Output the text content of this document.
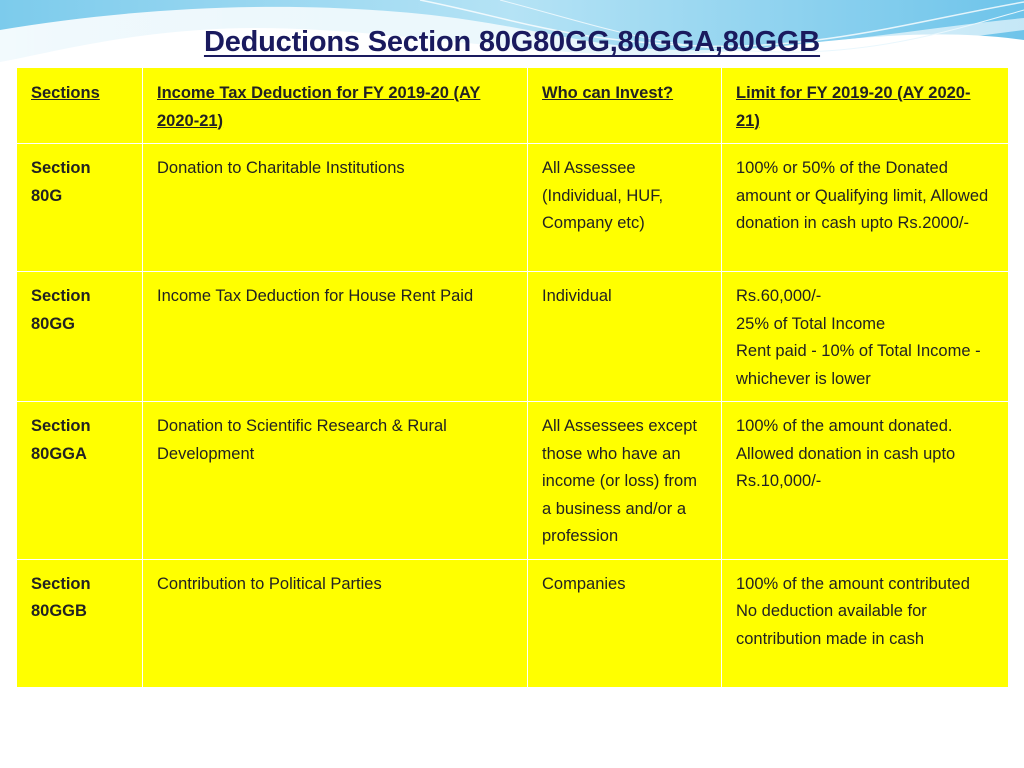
Deductions Section 80G80GG,80GGA,80GGB
Sections	Income Tax Deduction for FY 2019-20 (AY 2020-21)	Who can Invest?	Limit for FY 2019-20 (AY 2020-21)

Section
80G	Donation to Charitable Institutions	All Assessee (Individual, HUF, Company etc)	100% or 50% of the Donated amount or Qualifying limit, Allowed donation in cash upto Rs.2000/-

Section
80GG	Income Tax Deduction for House Rent Paid	Individual	Rs.60,000/-
25% of Total Income
Rent paid - 10% of Total Income - whichever is lower

Section
80GGA	Donation to Scientific Research & Rural Development	All Assessees except those who have an income (or loss) from a business and/or a profession	100% of the amount donated.
Allowed donation in cash upto Rs.10,000/-

Section
80GGB	Contribution to Political Parties	Companies	100% of the amount contributed
No deduction available for contribution made in cash
